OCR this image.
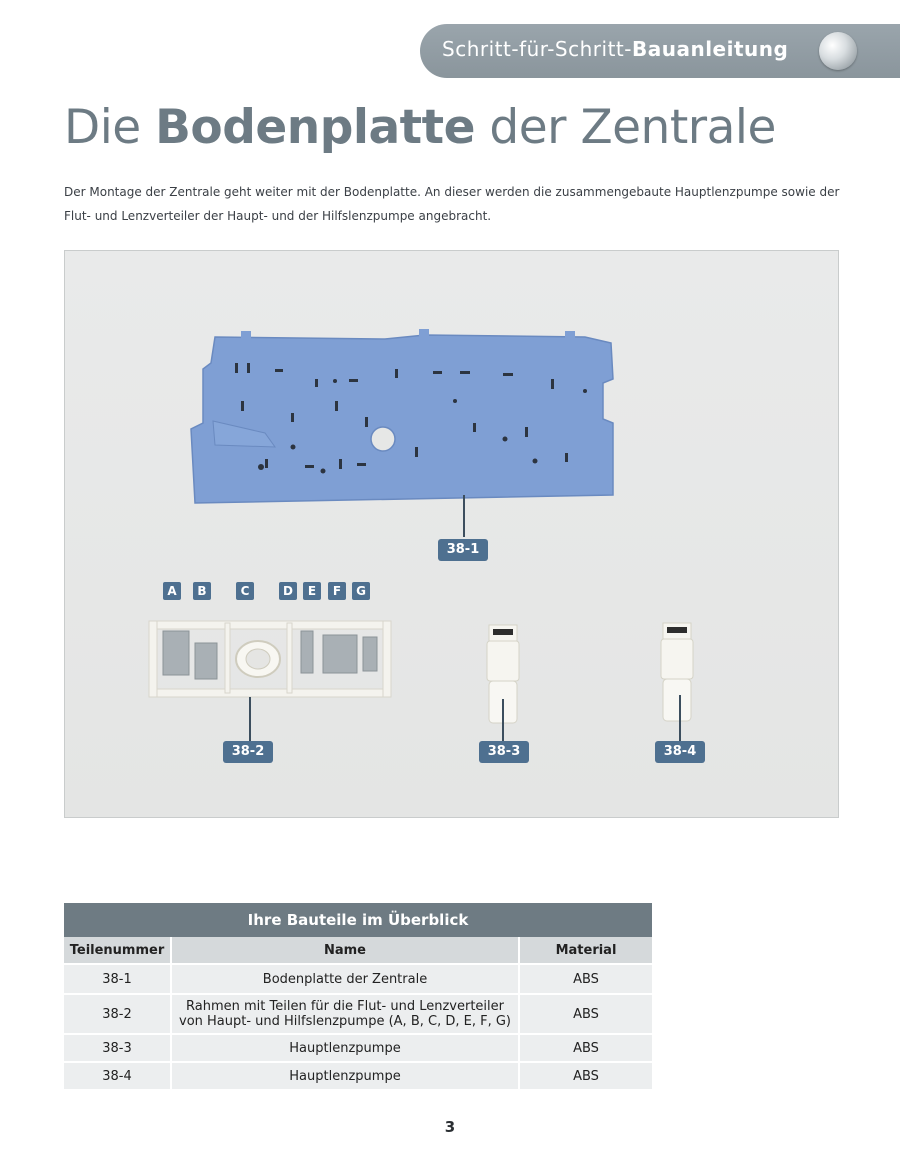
Schritt-für-Schritt-Bauanleitung
Die Bodenplatte der Zentrale

Der Montage der Zentrale geht weiter mit der Bodenplatte. An dieser werden die zusammengebaute Hauptlenzpumpe sowie der Flut- und Lenzverteiler der Haupt- und der Hilfslenzpumpe angebracht.

38-1
38-2	38-3	38-4
A	B	C	D	E	F	G
Ihre Bauteile im Überblick
Teilenummer	Name	Material
38-1	Bodenplatte der Zentrale	ABS
38-2	Rahmen mit Teilen für die Flut- und Lenzverteiler von Haupt- und Hilfslenzpumpe (A, B, C, D, E, F, G)	ABS
38-3	Hauptlenzpumpe	ABS
38-4	Hauptlenzpumpe	ABS
3
